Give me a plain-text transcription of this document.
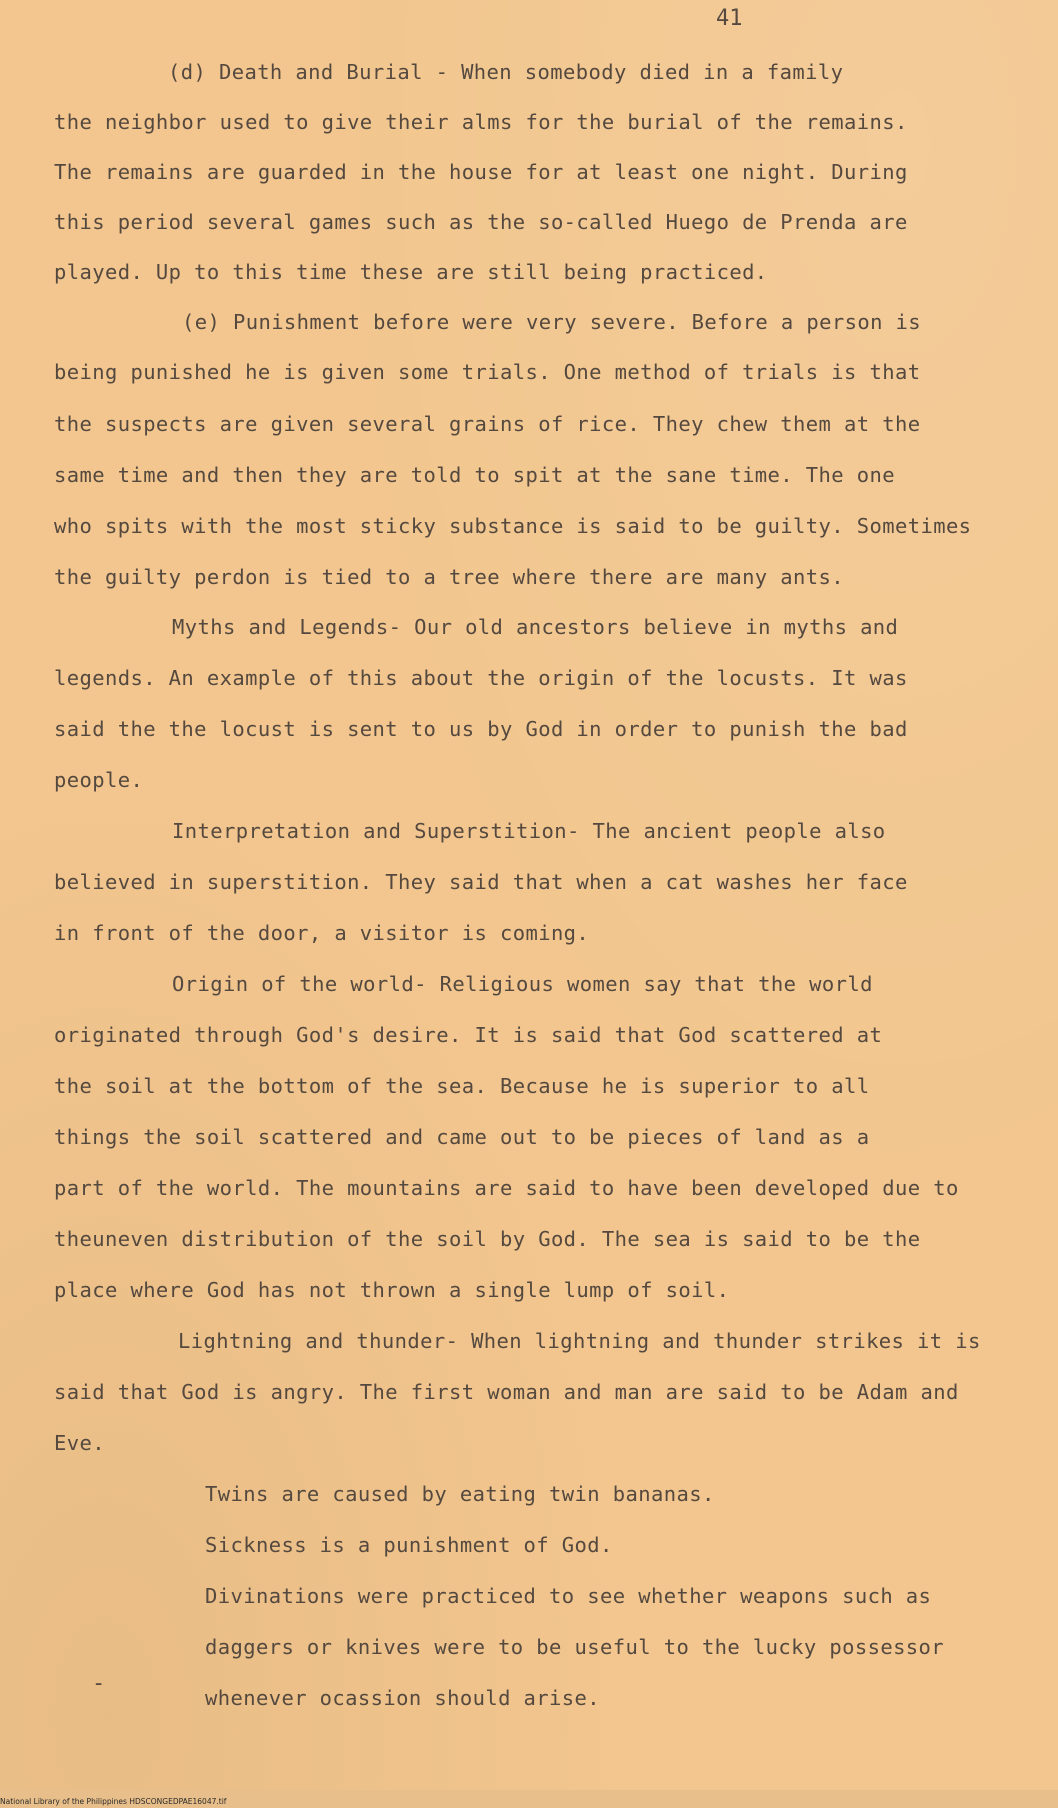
41
(d) Death and Burial - When somebody died in a family
the neighbor used to give their alms for the burial of the remains.
The remains are guarded in the house for at least one night. During
this period several games such as the so-called Huego de Prenda are
played. Up to this time these are still being practiced.
(e) Punishment before were very severe. Before a person is
being punished he is given some trials. One method of trials is that
the suspects are given several grains of rice. They chew them at the
same time and then they are told to spit at the sane time. The one
who spits with the most sticky substance is said to be guilty. Sometimes
the guilty perdon is tied to a tree where there are many ants.
Myths and Legends- Our old ancestors believe in myths and
legends. An example of this about the origin of the locusts. It was
said the the locust is sent to us by God in order to punish the bad
people.
Interpretation and Superstition- The ancient people also
believed in superstition. They said that when a cat washes her face
in front of the door, a visitor is coming.
Origin of the world- Religious women say that the world
originated through God's desire. It is said that God scattered at
the soil at the bottom of the sea. Because he is superior to all
things the soil scattered and came out to be pieces of land as a
part of the world. The mountains are said to have been developed due to
theuneven distribution of the soil by God. The sea is said to be the
place where God has not thrown a single lump of soil.
Lightning and thunder- When lightning and thunder strikes it is
said that God is angry. The first woman and man are said to be Adam and
Eve.
Twins are caused by eating twin bananas.
Sickness is a punishment of God.
Divinations were practiced to see whether weapons such as
daggers or knives were to be useful to the lucky possessor
whenever ocassion should arise.
-
National Library of the Philippines HDSCONGEDPAE16047.tif
